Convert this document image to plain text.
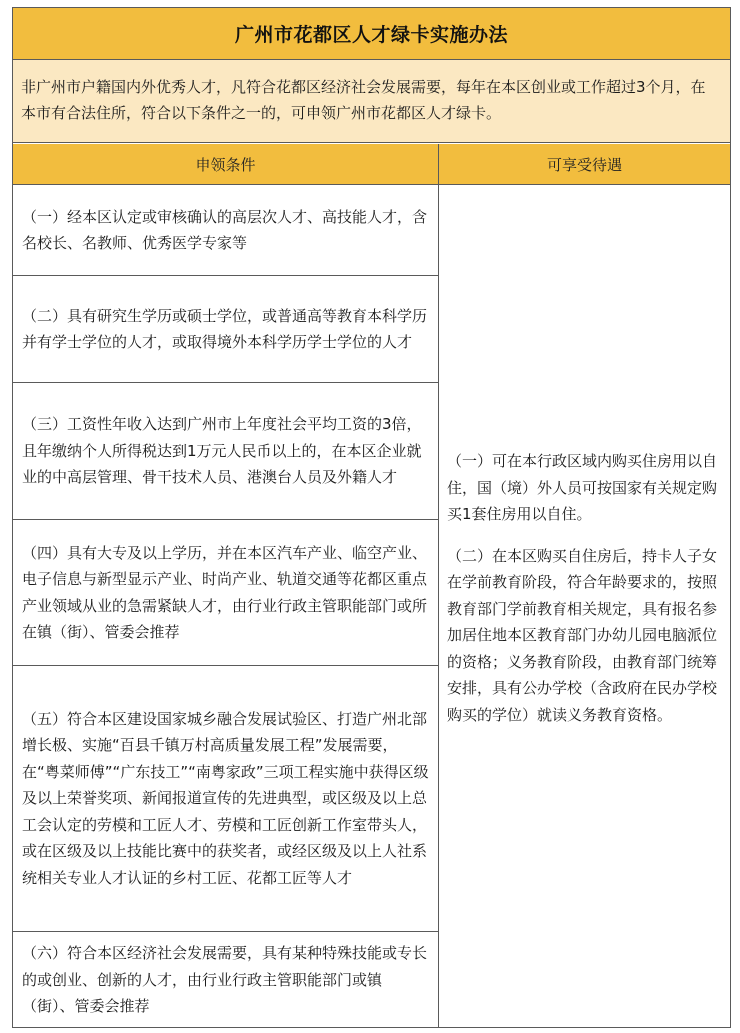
广州市花都区人才绿卡实施办法
非广州市户籍国内外优秀人才，凡符合花都区经济社会发展需要，每年在本区创业或工作超过3个月，在本市有合法住所，符合以下条件之一的，可申领广州市花都区人才绿卡。
申领条件	可享受待遇
（一）经本区认定或审核确认的高层次人才、高技能人才，含名校长、名教师、优秀医学专家等
（二）具有研究生学历或硕士学位，或普通高等教育本科学历并有学士学位的人才，或取得境外本科学历学士学位的人才
（三）工资性年收入达到广州市上年度社会平均工资的3倍，且年缴纳个人所得税达到1万元人民币以上的，在本区企业就业的中高层管理、骨干技术人员、港澳台人员及外籍人才
（四）具有大专及以上学历，并在本区汽车产业、临空产业、电子信息与新型显示产业、时尚产业、轨道交通等花都区重点产业领域从业的急需紧缺人才，由行业行政主管职能部门或所在镇（街）、管委会推荐
（五）符合本区建设国家城乡融合发展试验区、打造广州北部增长极、实施“百县千镇万村高质量发展工程”发展需要，在“粤菜师傅”“广东技工”“南粤家政”三项工程实施中获得区级及以上荣誉奖项、新闻报道宣传的先进典型，或区级及以上总工会认定的劳模和工匠人才、劳模和工匠创新工作室带头人，或在区级及以上技能比赛中的获奖者，或经区级及以上人社系统相关专业人才认证的乡村工匠、花都工匠等人才
（六）符合本区经济社会发展需要，具有某种特殊技能或专长的或创业、创新的人才，由行业行政主管职能部门或镇（街）、管委会推荐

（一）可在本行政区域内购买住房用以自住，国（境）外人员可按国家有关规定购买1套住房用以自住。

（二）在本区购买自住房后，持卡人子女在学前教育阶段，符合年龄要求的，按照教育部门学前教育相关规定，具有报名参加居住地本区教育部门办幼儿园电脑派位的资格；义务教育阶段，由教育部门统筹安排，具有公办学校（含政府在民办学校购买的学位）就读义务教育资格。
